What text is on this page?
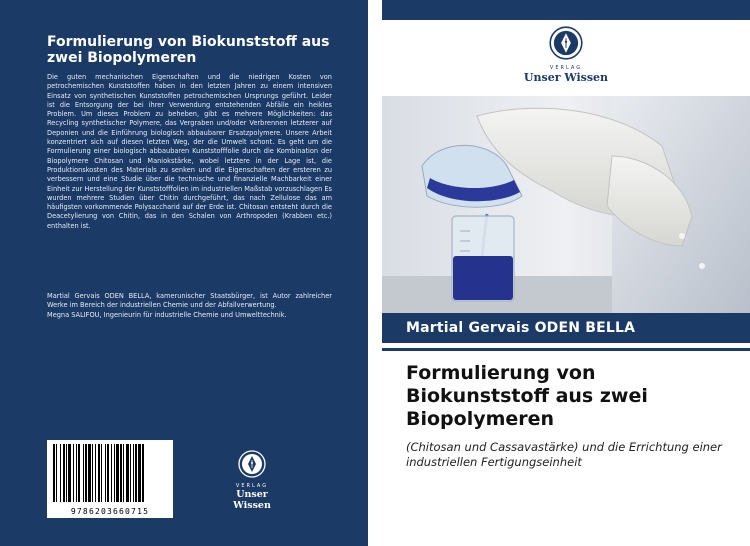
Formulierung von Biokunststoff aus zwei Biopolymeren
Die guten mechanischen Eigenschaften und die niedrigen Kosten von petrochemischen Kunststoffen haben in den letzten Jahren zu einem intensiven Einsatz von synthetischen Kunststoffen petrochemischen Ursprungs geführt. Leider ist die Entsorgung der bei ihrer Verwendung entstehenden Abfälle ein heikles Problem. Um dieses Problem zu beheben, gibt es mehrere Möglichkeiten: das Recycling synthetischer Polymere, das Vergraben und/oder Verbrennen letzterer auf Deponien und die Einführung biologisch abbaubarer Ersatzpolymere. Unsere Arbeit konzentriert sich auf diesen letzten Weg, der die Umwelt schont. Es geht um die Formulierung einer biologisch abbaubaren Kunststofffolie durch die Kombination der Biopolymere Chitosan und Maniokstärke, wobei letztere in der Lage ist, die Produktionskosten des Materials zu senken und die Eigenschaften der ersteren zu verbessern und eine Studie über die technische und finanzielle Machbarkeit einer Einheit zur Herstellung der Kunststofffolien im industriellen Maßstab vorzuschlagen Es wurden mehrere Studien über Chitin durchgeführt, das nach Zellulose das am häufigsten vorkommende Polysaccharid auf der Erde ist. Chitosan entsteht durch die Deacetylierung von Chitin, das in den Schalen von Arthropoden (Krabben etc.) enthalten ist.
Martial Gervais ODEN BELLA, kamerunischer Staatsbürger, ist Autor zahlreicher Werke im Bereich der industriellen Chemie und der Abfallverwertung.
Megna SALIFOU, Ingenieurin für industrielle Chemie und Umwelttechnik.
9786203660715
VERLAG
Unser Wissen
VERLAG
Unser Wissen
Martial Gervais ODEN BELLA
Formulierung von Biokunststoff aus zwei Biopolymeren
(Chitosan und Cassavastärke) und die Errichtung einer industriellen Fertigungseinheit
